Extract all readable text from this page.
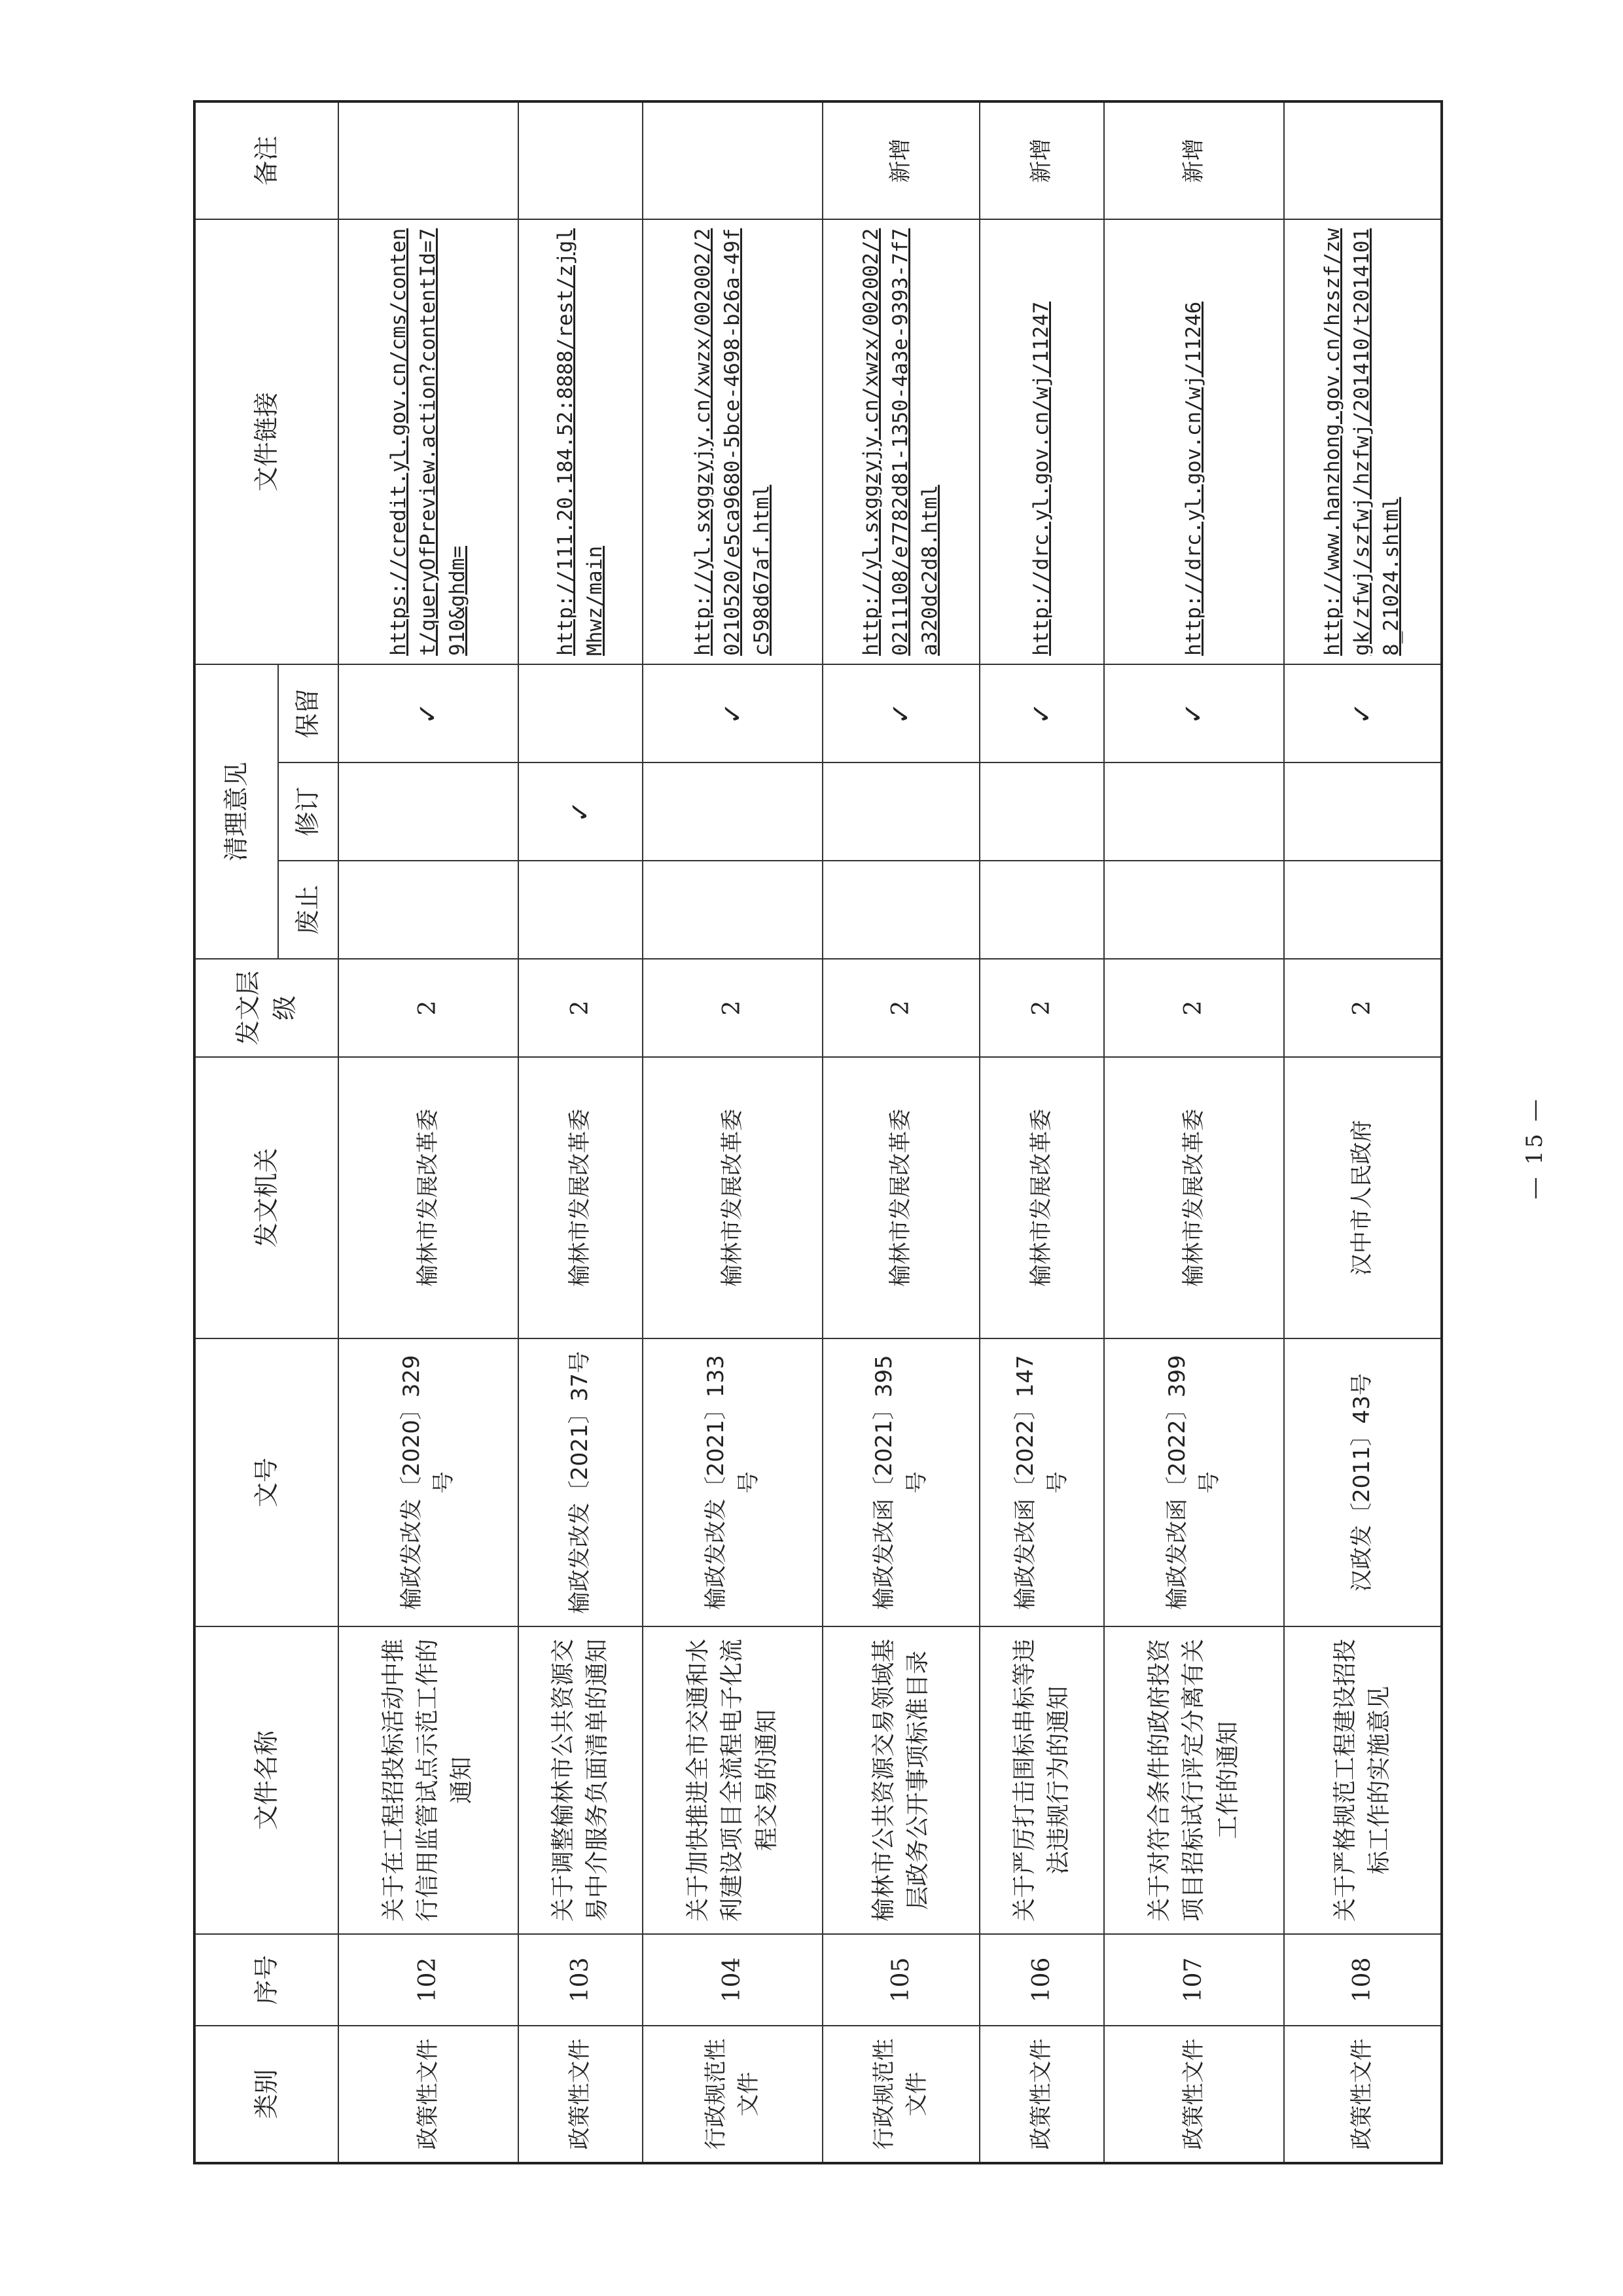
— 15 —
类别	序号	文件名称	文号	发文机关	发文层级	清理意见			文件链接	备注
						废止	修订	保留		
政策性文件	102	关于在工程招投标活动中推行信用监管试点示范工作的通知	榆政发改发〔2020〕329号	榆林市发展改革委	2			✓	https://credit.yl.gov.cn/cms/content/queryOfPreview.action?contentId=7910&ghdm=	
政策性文件	103	关于调整榆林市公共资源交易中介服务负面清单的通知	榆政发改发〔2021〕37号	榆林市发展改革委	2		✓		http://111.20.184.52:8888/rest/zjglMhwz/main	
行政规范性文件	104	关于加快推进全市交通和水利建设项目全流程电子化流程交易的通知	榆政发改发〔2021〕133号	榆林市发展改革委	2			✓	http://yl.sxggzyjy.cn/xwzx/002002/20210520/e5ca9680-5bce-4698-b26a-49fc598d67af.html	
行政规范性文件	105	榆林市公共资源交易领域基层政务公开事项标准目录	榆政发改函〔2021〕395号	榆林市发展改革委	2			✓	http://yl.sxggzyjy.cn/xwzx/002002/20211108/e7782d81-1350-4a3e-9393-7f7a320dc2d8.html	新增
政策性文件	106	关于严厉打击围标串标等违法违规行为的通知	榆政发改函〔2022〕147号	榆林市发展改革委	2			✓	http://drc.yl.gov.cn/wj/11247	新增
政策性文件	107	关于对符合条件的政府投资项目招标试行评定分离有关工作的通知	榆政发改函〔2022〕399号	榆林市发展改革委	2			✓	http://drc.yl.gov.cn/wj/11246	新增
政策性文件	108	关于严格规范工程建设招投标工作的实施意见	汉政发〔2011〕43号	汉中市人民政府	2			✓	http://www.hanzhong.gov.cn/hzszf/zwgk/zfwj/szfwj/hzfwj/201410/t20141018_21024.shtml	
